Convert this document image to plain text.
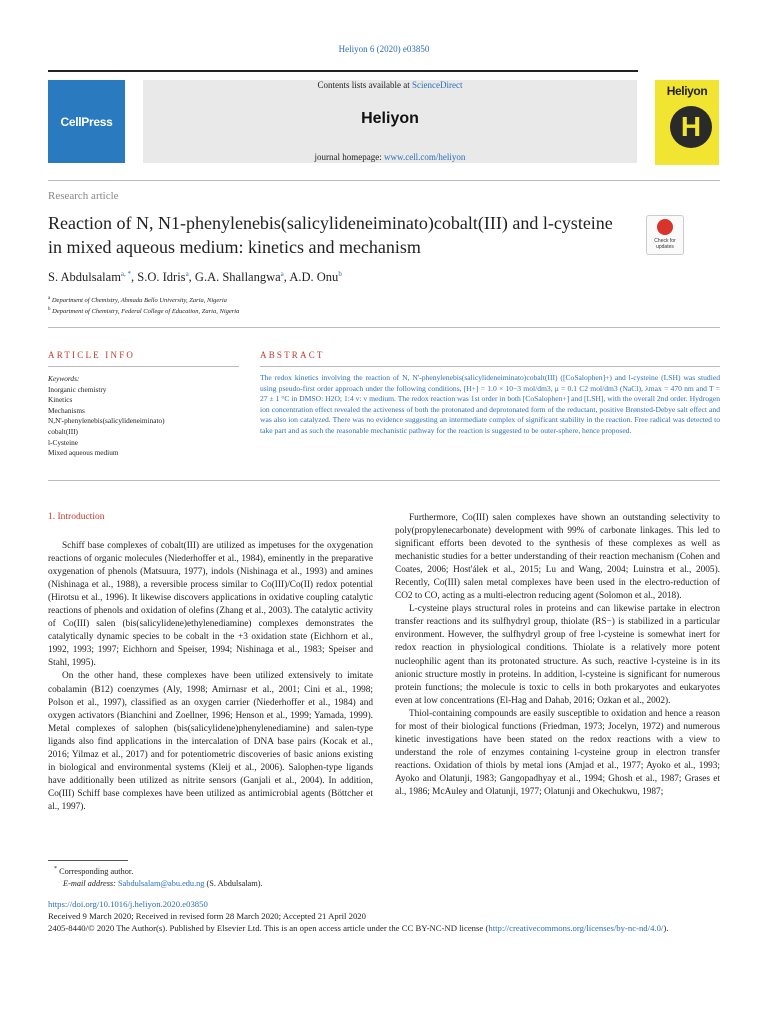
Heliyon 6 (2020) e03850
CellPress
Contents lists available at ScienceDirect
Heliyon
journal homepage: www.cell.com/heliyon
Heliyon
H
Research article
Reaction of N, N1-phenylenebis(salicylideneiminato)cobalt(III) and l-cysteine in mixed aqueous medium: kinetics and mechanism	Check for updates
S. Abdulsalam$^{a, *}$, S.O. Idris$^a$, G.A. Shallangwa$^a$, A.D. Onu$^b$
$^a$ Department of Chemistry, Ahmadu Bello University, Zaria, Nigeria
$^b$ Department of Chemistry, Federal College of Education, Zaria, Nigeria
ARTICLE INFO	ABSTRACT
Keywords:
Inorganic chemistry
Kinetics
Mechanisms
N,N'-phenylenebis(salicylideneiminato)
cobalt(III)
l-Cysteine
Mixed aqueous medium
The redox kinetics involving the reaction of N, N'-phenylenebis(salicylideneiminato)cobalt(III) ([CoSalophen]+) and l-cysteine (LSH) was studied using pseudo-first order approach under the following conditions, [H+] = 1.0 × 10−3 mol/dm3, μ = 0.1 C2 mol/dm3 (NaCl), λmax = 470 nm and T = 27 ± 1 °C in DMSO: H2O; 1:4 v: v medium. The redox reaction was 1st order in both [CoSalophen+] and [LSH], with the overall 2nd order. Hydrogen ion concentration effect revealed the activeness of both the protonated and deprotonated form of the reductant, positive Brønsted-Debye salt effect and was also ion catalyzed. There was no evidence suggesting an intermediate complex of significant stability in the reaction. Free radical was detected to take part and as such the reasonable mechanistic pathway for the reaction is suggested to be outer-sphere, hence proposed.
1. Introduction

Schiff base complexes of cobalt(III) are utilized as impetuses for the oxygenation reactions of organic molecules (Niederhoffer et al., 1984), eminently in the preparative oxygenation of phenols (Matsuura, 1977), indols (Nishinaga et al., 1993) and amines (Nishinaga et al., 1988), a reversible process similar to Co(III)/Co(II) redox potential (Hirotsu et al., 1996). It likewise discovers applications in oxidative coupling catalytic reactions of phenols and oxidation of olefins (Zhang et al., 2003). The catalytic activity of Co(III) salen (bis(salicylidene)ethylenediamine) complexes demonstrates the catalytically dynamic species to be cobalt in the +3 oxidation state (Eichhorn et al., 1992, 1993; 1997; Eichhorn and Speiser, 1994; Nishinaga et al., 1983; Speiser and Stahl, 1995).

On the other hand, these complexes have been utilized extensively to imitate cobalamin (B12) coenzymes (Aly, 1998; Amirnasr et al., 2001; Cini et al., 1998; Polson et al., 1997), classified as an oxygen carrier (Niederhoffer et al., 1984) and oxygen activators (Bianchini and Zoellner, 1996; Henson et al., 1999; Yamada, 1999). Metal complexes of salophen (bis(salicylidene)phenylenediamine) and salen-type ligands also find applications in the intercalation of DNA base pairs (Kocak et al., 2016; Yilmaz et al., 2017) and for potentiometric discoveries of basic anions existing in biological and environmental systems (Kleij et al., 2006). Salophen-type ligands have additionally been utilized as nitrite sensors (Ganjali et al., 2004). In addition, Co(III) Schiff base complexes have been utilized as antimicrobial agents (Böttcher et al., 1997).

Furthermore, Co(III) salen complexes have shown an outstanding selectivity to poly(propylenecarbonate) development with 99% of carbonate linkages. This led to significant efforts been devoted to the synthesis of these complexes as well as mechanistic studies for a better understanding of their reaction mechanism (Cohen and Coates, 2006; Host'álek et al., 2015; Lu and Wang, 2004; Luinstra et al., 2005). Recently, Co(III) salen metal complexes have been used in the electro-reduction of CO2 to CO, acting as a multi-electron reducing agent (Solomon et al., 2018).

L-cysteine plays structural roles in proteins and can likewise partake in electron transfer reactions and its sulfhydryl group, thiolate (RS−) is stabilized in a particular environment. However, the sulfhydryl group of free l-cysteine is somewhat inert for redox reaction in physiological conditions. Thiolate is a relatively more potent nucleophilic agent than its protonated structure. As such, reactive l-cysteine is in its anionic structure mostly in proteins. In addition, l-cysteine is significant for numerous protein functions; the molecule is toxic to cells in both prokaryotes and eukaryotes even at low concentrations (El-Hag and Dahab, 2016; Ozkan et al., 2002).

Thiol-containing compounds are easily susceptible to oxidation and hence a reason for most of their biological functions (Friedman, 1973; Jocelyn, 1972) and numerous kinetic investigations have been stated on the redox reactions with a view to understand the role of enzymes containing l-cysteine group in electron transfer reactions. Oxidation of thiols by metal ions (Amjad et al., 1977; Ayoko et al., 1993; Ayoko and Olatunji, 1983; Gangopadhyay et al., 1994; Ghosh et al., 1987; Grases et al., 1986; McAuley and Olatunji, 1977; Olatunji and Okechukwu, 1987;

* Corresponding author.
E-mail address: Sabdulsalam@abu.edu.ng (S. Abdulsalam).
https://doi.org/10.1016/j.heliyon.2020.e03850
Received 9 March 2020; Received in revised form 28 March 2020; Accepted 21 April 2020
2405-8440/© 2020 The Author(s). Published by Elsevier Ltd. This is an open access article under the CC BY-NC-ND license (http://creativecommons.org/licenses/by-nc-nd/4.0/).
